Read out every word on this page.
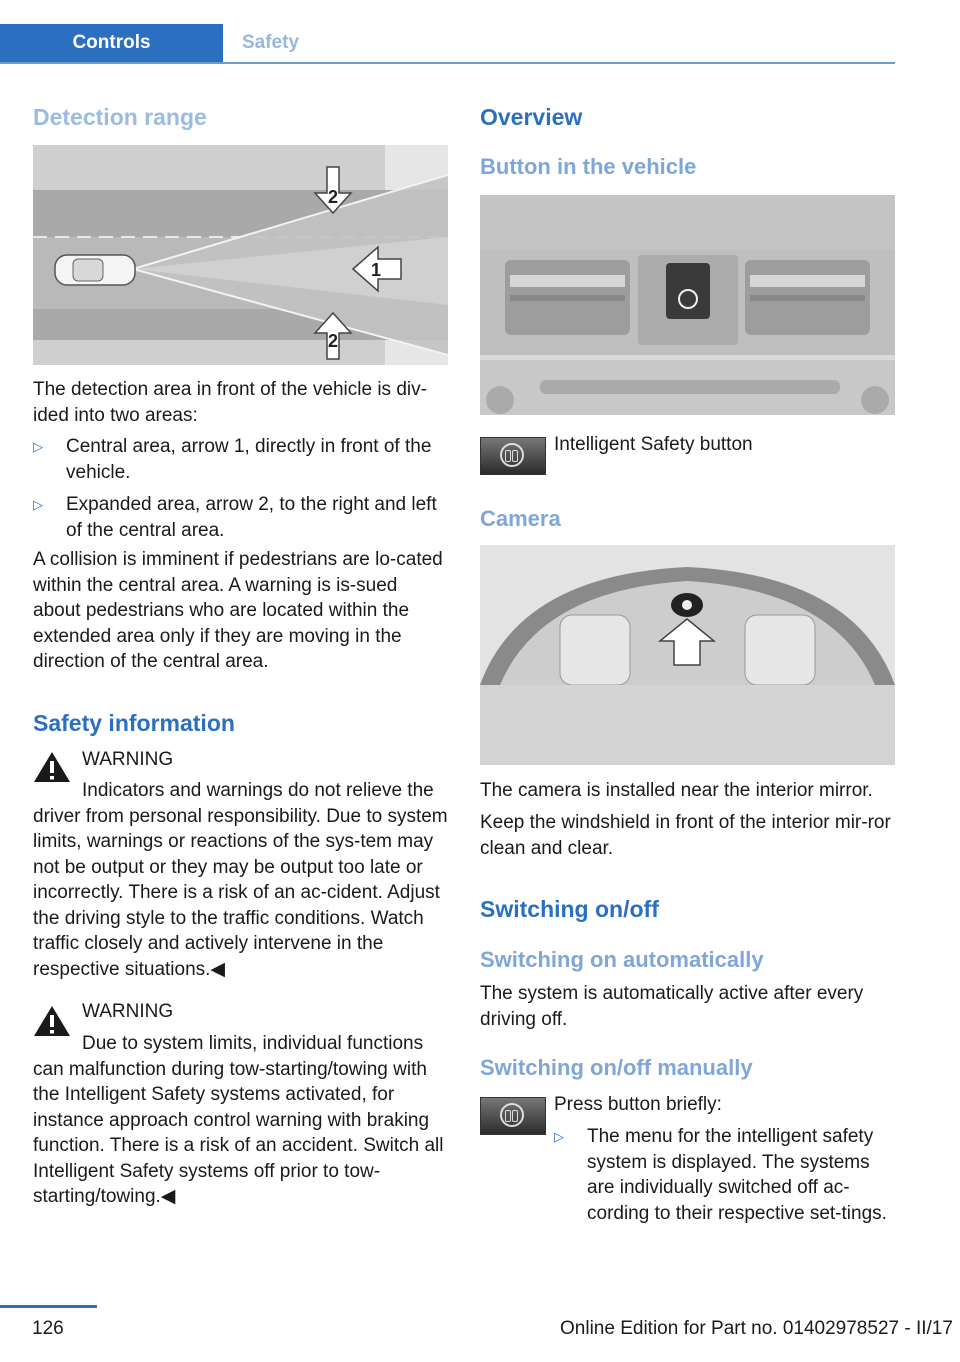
Controls	Safety
Detection range
2
1
2
The detection area in front of the vehicle is div‐ided into two areas:
▷ Central area, arrow 1, directly in front of the vehicle.
▷ Expanded area, arrow 2, to the right and left of the central area.
A collision is imminent if pedestrians are lo‐cated within the central area. A warning is is‐sued about pedestrians who are located within the extended area only if they are moving in the direction of the central area.
Safety information
WARNING
Indicators and warnings do not relieve the driver from personal responsibility. Due to system limits, warnings or reactions of the sys‐tem may not be output or they may be output too late or incorrectly. There is a risk of an ac‐cident. Adjust the driving style to the traffic conditions. Watch traffic closely and actively intervene in the respective situations.◀
WARNING
Due to system limits, individual functions can malfunction during tow-starting/towing with the Intelligent Safety systems activated, for instance approach control warning with braking function. There is a risk of an accident. Switch all Intelligent Safety systems off prior to tow-starting/towing.◀
Overview
Button in the vehicle
Intelligent Safety button
Camera
The camera is installed near the interior mirror.
Keep the windshield in front of the interior mir‐ror clean and clear.
Switching on/off
Switching on automatically
The system is automatically active after every driving off.
Switching on/off manually
Press button briefly:
▷ The menu for the intelligent safety system is displayed. The systems are individually switched off ac‐cording to their respective set‐tings.
126	Online Edition for Part no. 01402978527 - II/17
